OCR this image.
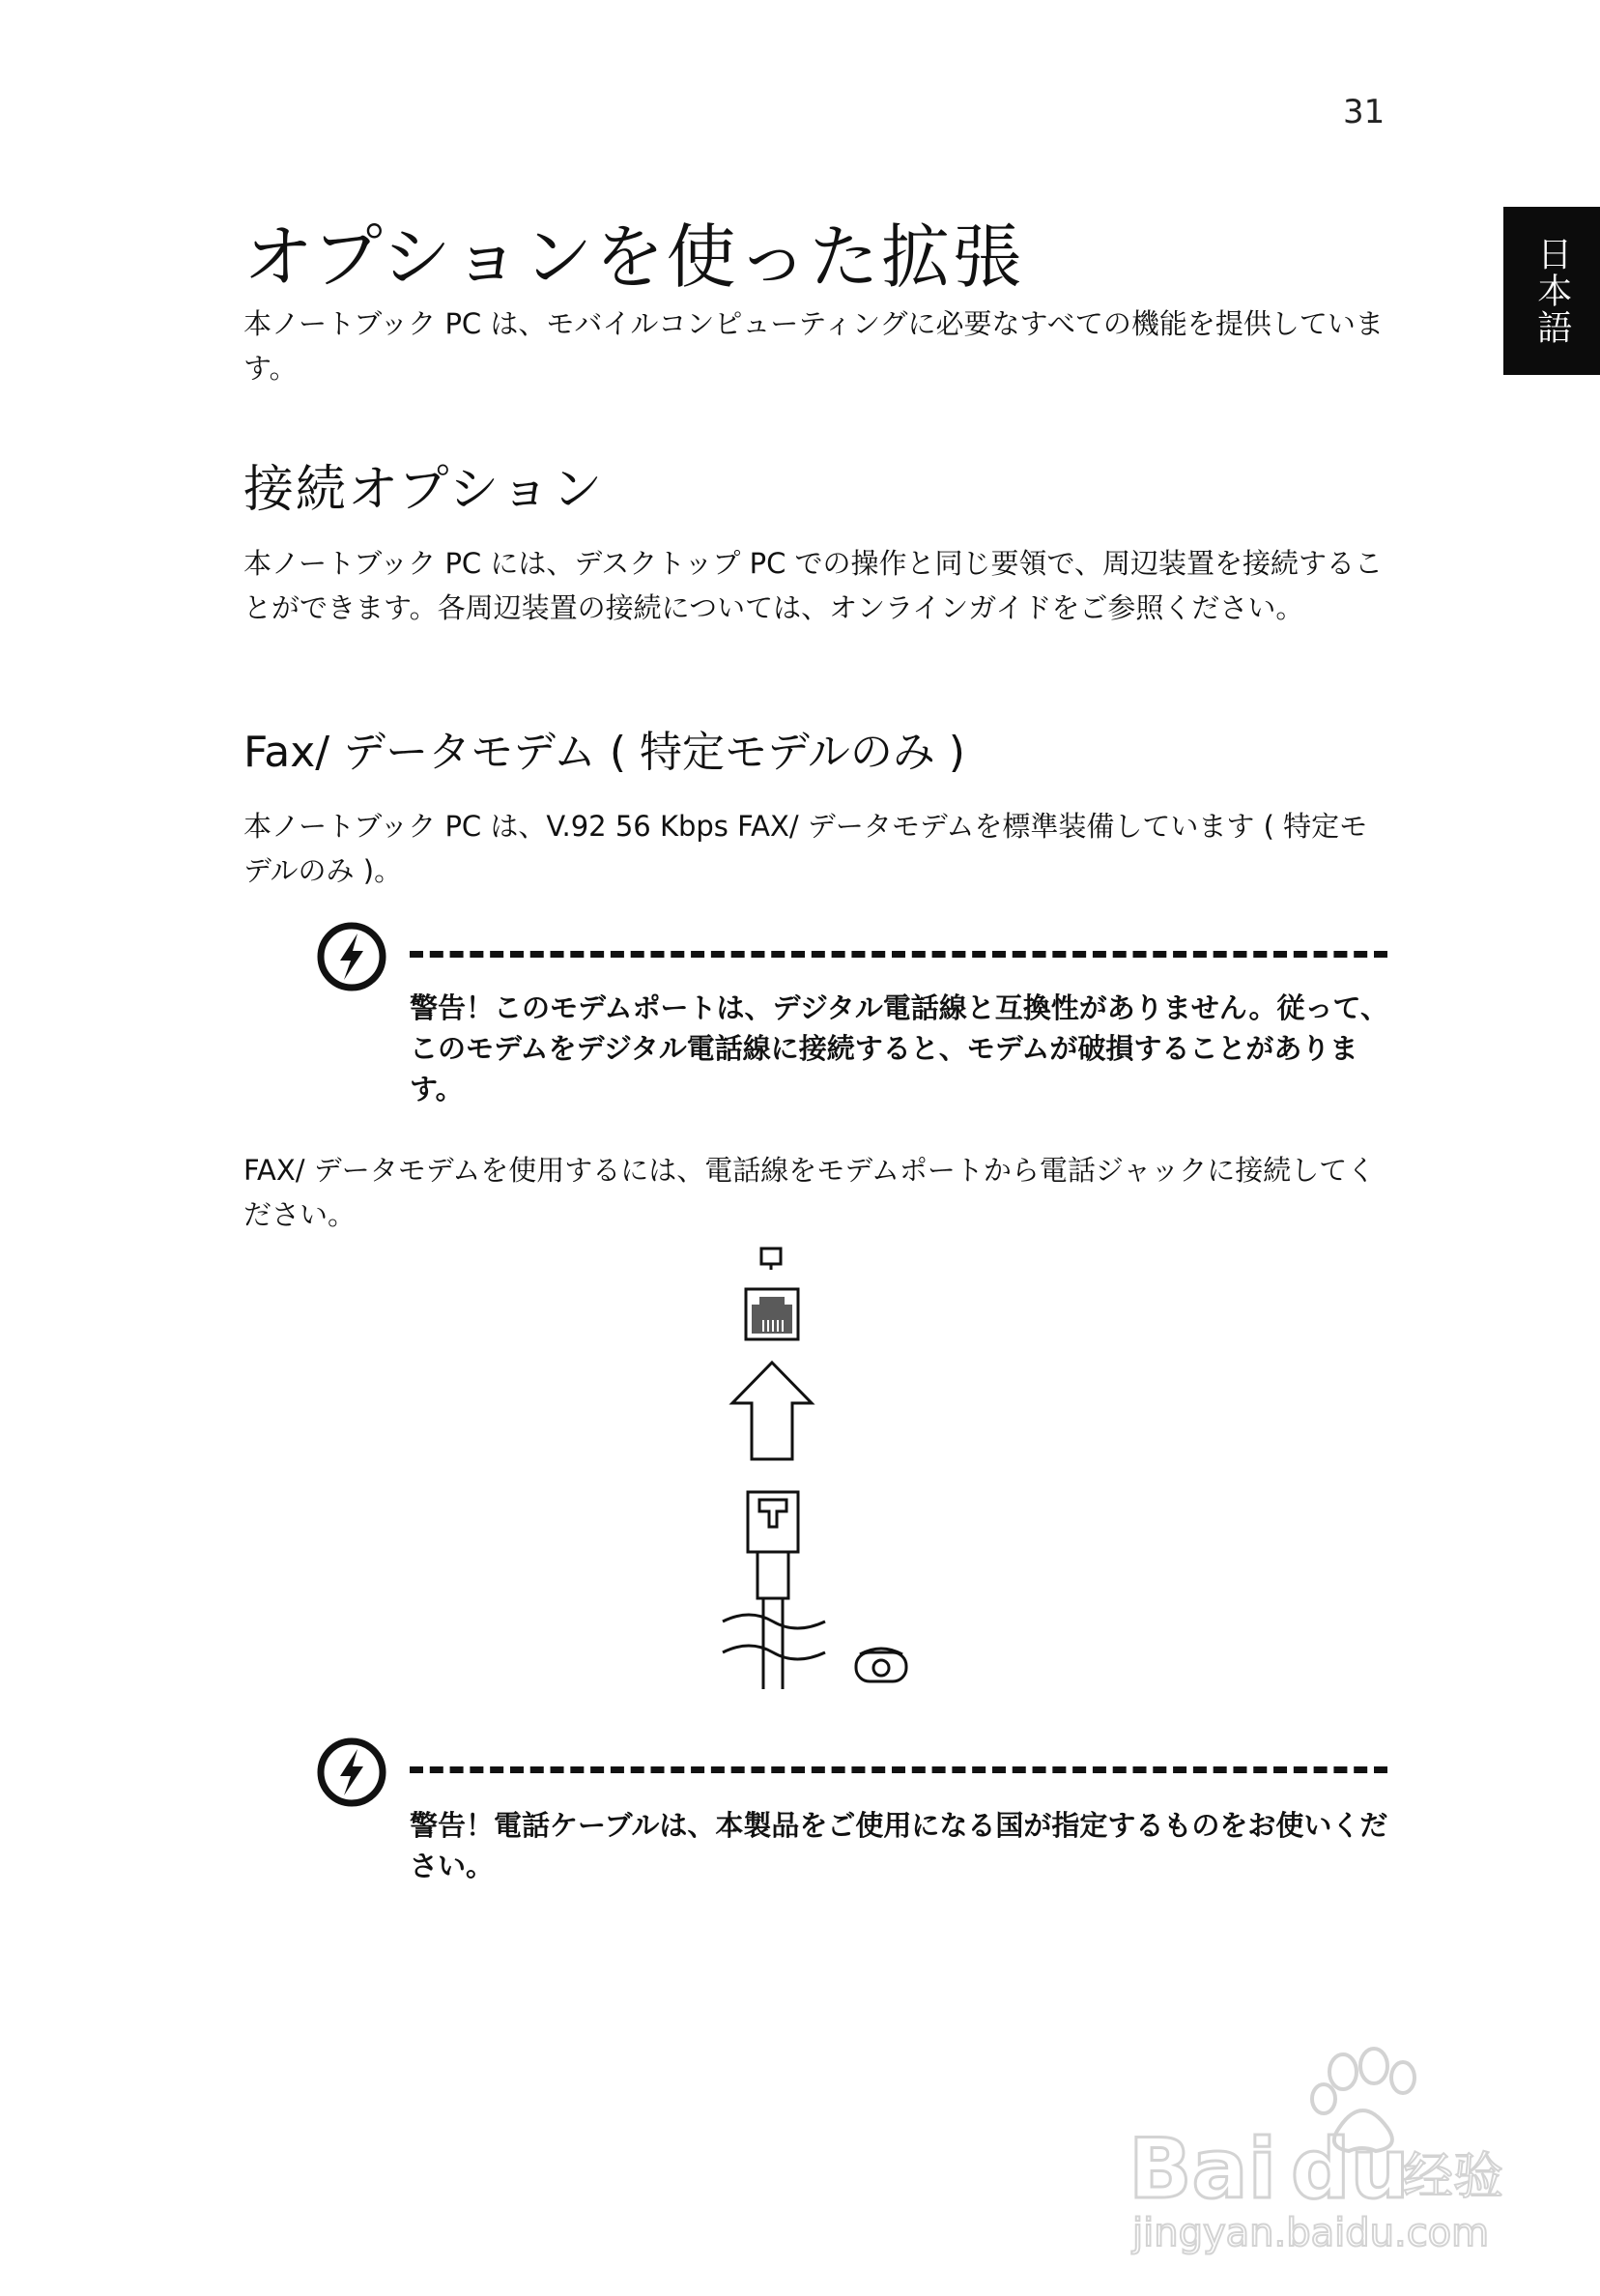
31
日本語
オプションを使った拡張

本ノートブック PC は、モバイルコンピューティングに必要なすべての機能を提供しています。

接続オプション

本ノートブック PC には、デスクトップ PC での操作と同じ要領で、周辺装置を接続することができます。各周辺装置の接続については、オンラインガイドをご参照ください。

Fax/ データモデム ( 特定モデルのみ )

本ノートブック PC は、V.92 56 Kbps FAX/ データモデムを標準装備しています ( 特定モデルのみ )。

警告！このモデムポートは、デジタル電話線と互換性がありません。従って、このモデムをデジタル電話線に接続すると、モデムが破損することがあります。

FAX/ データモデムを使用するには、電話線をモデムポートから電話ジャックに接続してください。

警告！電話ケーブルは、本製品をご使用になる国が指定するものをお使いください。

Bai du
经验
jingyan.baidu.com
